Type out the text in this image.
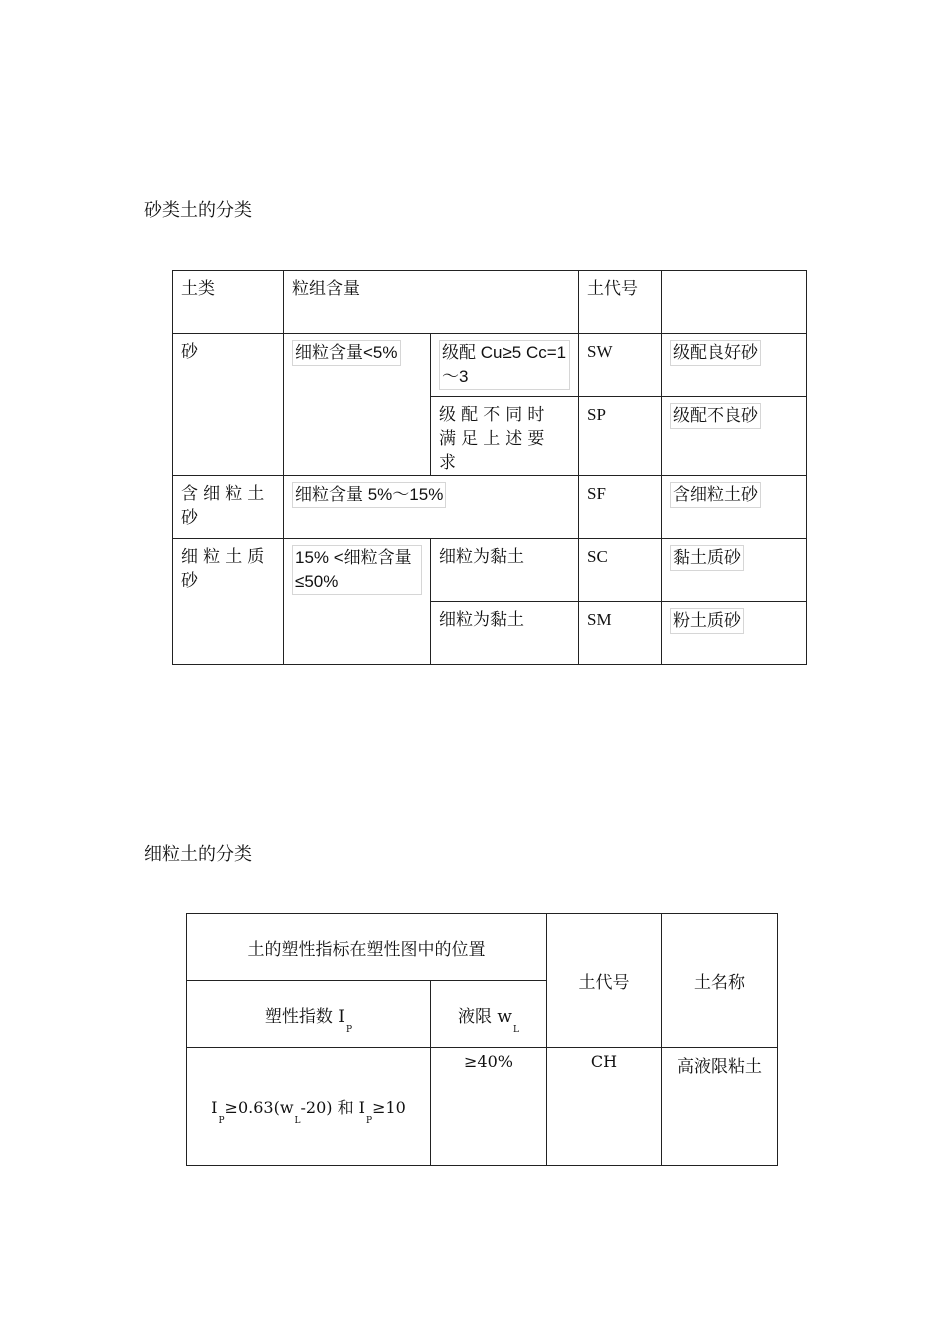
砂类土的分类
土类	粒组含量		土代号	
砂	细粒含量<5%	级配 Cu≥5 Cc=1～3	SW	级配良好砂
		级配不同时满足上述要求	SP	级配不良砂
含细粒土砂	细粒含量 5%～15%		SF	含细粒土砂
细粒土质砂	15% <细粒含量 ≤50%	细粒为黏土	SC	黏土质砂
		细粒为黏土	SM	粉土质砂
细粒土的分类
土的塑性指标在塑性图中的位置		土代号	土名称
塑性指数 $I_P$	液限 $w_L$
$I_P\ge 0.63(w_L-20)$ 和 $I_P\ge 10$	≥40%	CH	高液限粘土
